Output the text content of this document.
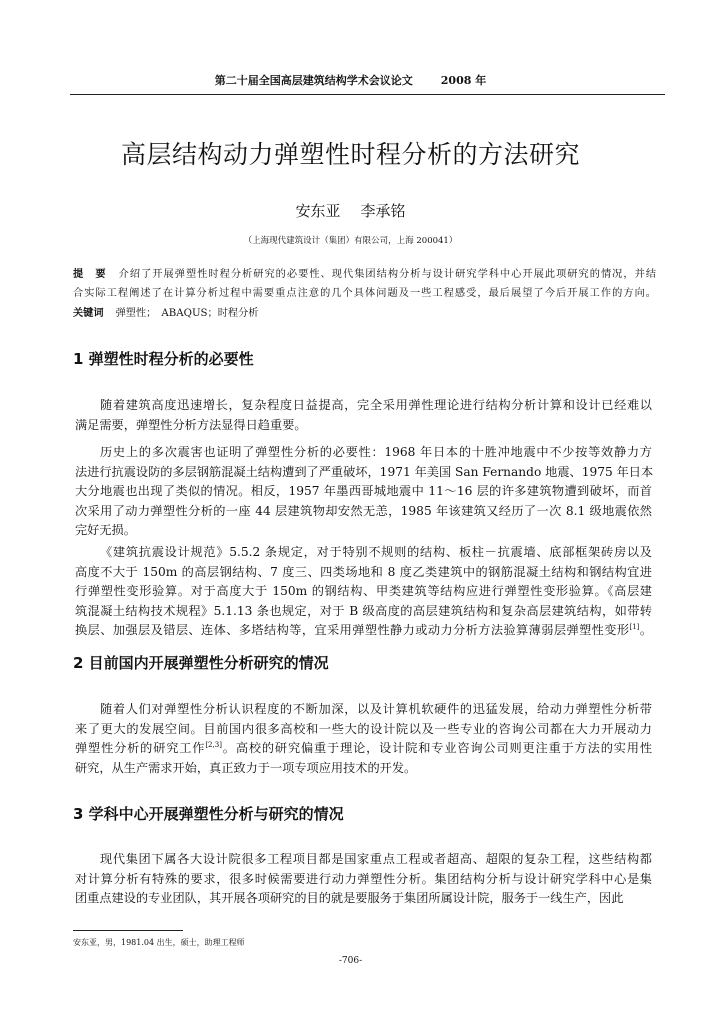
第二十届全国高层建筑结构学术会议论文	2008 年
高层结构动力弹塑性时程分析的方法研究
安东亚 李承铭
（上海现代建筑设计（集团）有限公司，上海 200041）
提　要 介绍了开展弹塑性时程分析研究的必要性、现代集团结构分析与设计研究学科中心开展此项研究的情况，并结
合实际工程阐述了在计算分析过程中需要重点注意的几个具体问题及一些工程感受，最后展望了今后开展工作的方向。
关键词 弹塑性；　ABAQUS；时程分析
1 弹塑性时程分析的必要性
随着建筑高度迅速增长，复杂程度日益提高，完全采用弹性理论进行结构分析计算和设计已经难以
满足需要，弹塑性分析方法显得日趋重要。
历史上的多次震害也证明了弹塑性分析的必要性：1968 年日本的十胜冲地震中不少按等效静力方
法进行抗震设防的多层钢筋混凝土结构遭到了严重破坏，1971 年美国 San Fernando 地震、1975 年日本
大分地震也出现了类似的情况。相反，1957 年墨西哥城地震中 11～16 层的许多建筑物遭到破坏，而首
次采用了动力弹塑性分析的一座 44 层建筑物却安然无恙，1985 年该建筑又经历了一次 8.1 级地震依然
完好无损。
《建筑抗震设计规范》5.5.2 条规定，对于特别不规则的结构、板柱－抗震墙、底部框架砖房以及
高度不大于 150m 的高层钢结构、7 度三、四类场地和 8 度乙类建筑中的钢筋混凝土结构和钢结构宜进
行弹塑性变形验算。对于高度大于 150m 的钢结构、甲类建筑等结构应进行弹塑性变形验算。《高层建
筑混凝土结构技术规程》5.1.13 条也规定，对于 B 级高度的高层建筑结构和复杂高层建筑结构，如带转
换层、加强层及错层、连体、多塔结构等，宜采用弹塑性静力或动力分析方法验算薄弱层弹塑性变形[1]。
2 目前国内开展弹塑性分析研究的情况
随着人们对弹塑性分析认识程度的不断加深，以及计算机软硬件的迅猛发展，给动力弹塑性分析带
来了更大的发展空间。目前国内很多高校和一些大的设计院以及一些专业的咨询公司都在大力开展动力
弹塑性分析的研究工作[2,3]。高校的研究偏重于理论，设计院和专业咨询公司则更注重于方法的实用性
研究，从生产需求开始，真正致力于一项专项应用技术的开发。
3 学科中心开展弹塑性分析与研究的情况
现代集团下属各大设计院很多工程项目都是国家重点工程或者超高、超限的复杂工程，这些结构都
对计算分析有特殊的要求，很多时候需要进行动力弹塑性分析。集团结构分析与设计研究学科中心是集
团重点建设的专业团队，其开展各项研究的目的就是要服务于集团所属设计院，服务于一线生产，因此
安东亚，男，1981.04 出生，硕士，助理工程师
-706-
